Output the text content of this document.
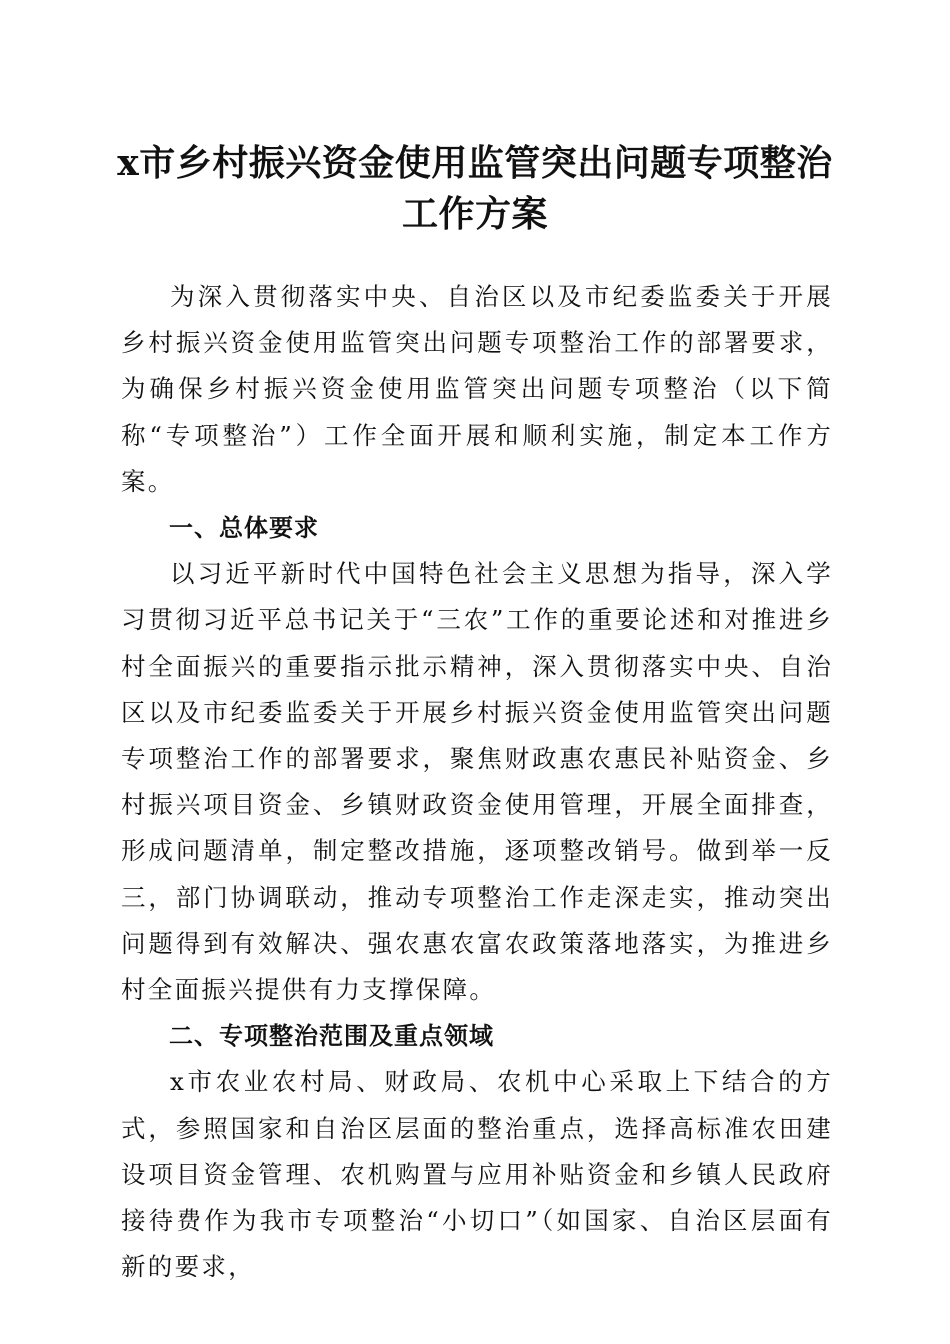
x市乡村振兴资金使用监管突出问题专项整治
工作方案

为深入贯彻落实中央、自治区以及市纪委监委关于开展乡村振兴资金使用监管突出问题专项整治工作的部署要求，为确保乡村振兴资金使用监管突出问题专项整治（以下简称“专项整治”）工作全面开展和顺利实施，制定本工作方案。

一、总体要求

以习近平新时代中国特色社会主义思想为指导，深入学习贯彻习近平总书记关于“三农”工作的重要论述和对推进乡村全面振兴的重要指示批示精神，深入贯彻落实中央、自治区以及市纪委监委关于开展乡村振兴资金使用监管突出问题专项整治工作的部署要求，聚焦财政惠农惠民补贴资金、乡村振兴项目资金、乡镇财政资金使用管理，开展全面排查，形成问题清单，制定整改措施，逐项整改销号。做到举一反三，部门协调联动，推动专项整治工作走深走实，推动突出问题得到有效解决、强农惠农富农政策落地落实，为推进乡村全面振兴提供有力支撑保障。

二、专项整治范围及重点领域

x市农业农村局、财政局、农机中心采取上下结合的方式，参照国家和自治区层面的整治重点，选择高标准农田建设项目资金管理、农机购置与应用补贴资金和乡镇人民政府接待费作为我市专项整治“小切口”（如国家、自治区层面有新的要求，
